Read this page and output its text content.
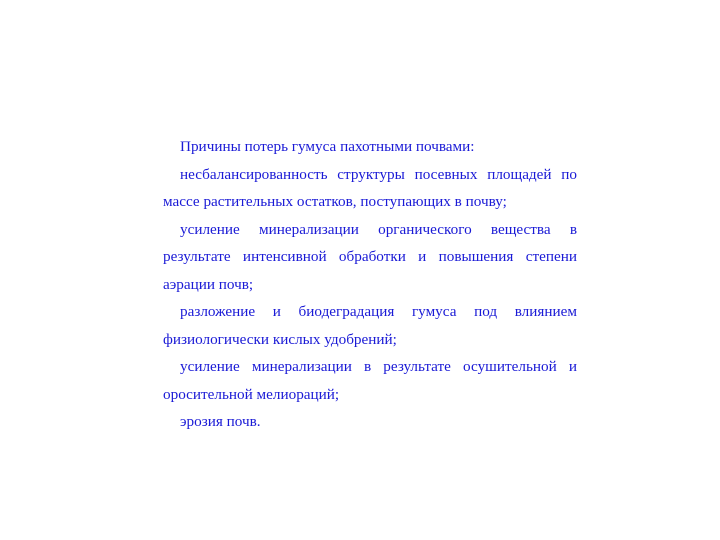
Причины потерь гумуса пахотными почвами:

несбалансированность структуры посевных площадей по массе растительных остатков, поступающих в почву;

усиление минерализации органического вещества в результате интенсивной обработки и повышения степени аэрации почв;

разложение и биодеградация гумуса под влиянием физиологически кислых удобрений;

усиление минерализации в результате осушительной и оросительной мелиораций;

эрозия почв.
